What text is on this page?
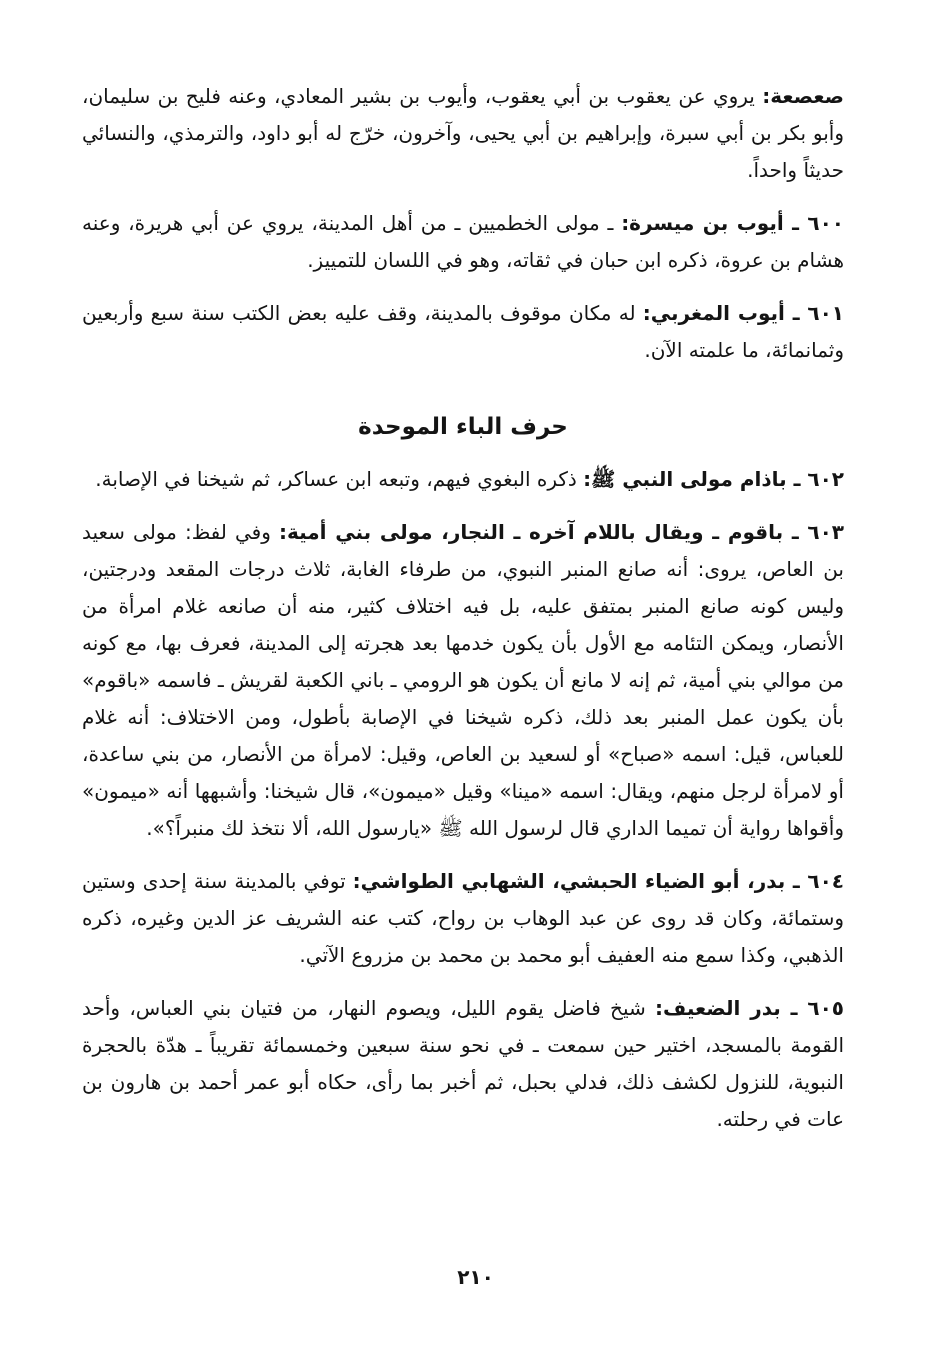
صعصعة: يروي عن يعقوب بن أبي يعقوب، وأيوب بن بشير المعادي، وعنه فليح بن سليمان، وأبو بكر بن أبي سبرة، وإبراهيم بن أبي يحيى، وآخرون، خرّج له أبو داود، والترمذي، والنسائي حديثاً واحداً.

٦٠٠ ـ أيوب بن ميسرة: ـ مولى الخطميين ـ من أهل المدينة، يروي عن أبي هريرة، وعنه هشام بن عروة، ذكره ابن حبان في ثقاته، وهو في اللسان للتمييز.

٦٠١ ـ أيوب المغربي: له مكان موقوف بالمدينة، وقف عليه بعض الكتب سنة سبع وأربعين وثمانمائة، ما علمته الآن.

حرف الباء الموحدة

٦٠٢ ـ باذام مولى النبي ﷺ: ذكره البغوي فيهم، وتبعه ابن عساكر، ثم شيخنا في الإصابة.

٦٠٣ ـ باقوم ـ ويقال باللام آخره ـ النجار، مولى بني أمية: وفي لفظ: مولى سعيد بن العاص، يروى: أنه صانع المنبر النبوي، من طرفاء الغابة، ثلاث درجات المقعد ودرجتين، وليس كونه صانع المنبر بمتفق عليه، بل فيه اختلاف كثير، منه أن صانعه غلام امرأة من الأنصار، ويمكن التئامه مع الأول بأن يكون خدمها بعد هجرته إلى المدينة، فعرف بها، مع كونه من موالي بني أمية، ثم إنه لا مانع أن يكون هو الرومي ـ باني الكعبة لقريش ـ فاسمه «باقوم» بأن يكون عمل المنبر بعد ذلك، ذكره شيخنا في الإصابة بأطول، ومن الاختلاف: أنه غلام للعباس، قيل: اسمه «صباح» أو لسعيد بن العاص، وقيل: لامرأة من الأنصار، من بني ساعدة، أو لامرأة لرجل منهم، ويقال: اسمه «مينا» وقيل «ميمون»، قال شيخنا: وأشبهها أنه «ميمون» وأقواها رواية أن تميما الداري قال لرسول الله ﷺ «يارسول الله، ألا نتخذ لك منبراً؟».

٦٠٤ ـ بدر، أبو الضياء الحبشي، الشهابي الطواشي: توفي بالمدينة سنة إحدى وستين وستمائة، وكان قد روى عن عبد الوهاب بن رواح، كتب عنه الشريف عز الدين وغيره، ذكره الذهبي، وكذا سمع منه العفيف أبو محمد بن محمد بن مزروع الآتي.

٦٠٥ ـ بدر الضعيف: شيخ فاضل يقوم الليل، ويصوم النهار، من فتيان بني العباس، وأحد القومة بالمسجد، اختير حين سمعت ـ في نحو سنة سبعين وخمسمائة تقريباً ـ هدّة بالحجرة النبوية، للنزول لكشف ذلك، فدلي بحبل، ثم أخبر بما رأى، حكاه أبو عمر أحمد بن هارون بن عات في رحلته.

٢١٠
